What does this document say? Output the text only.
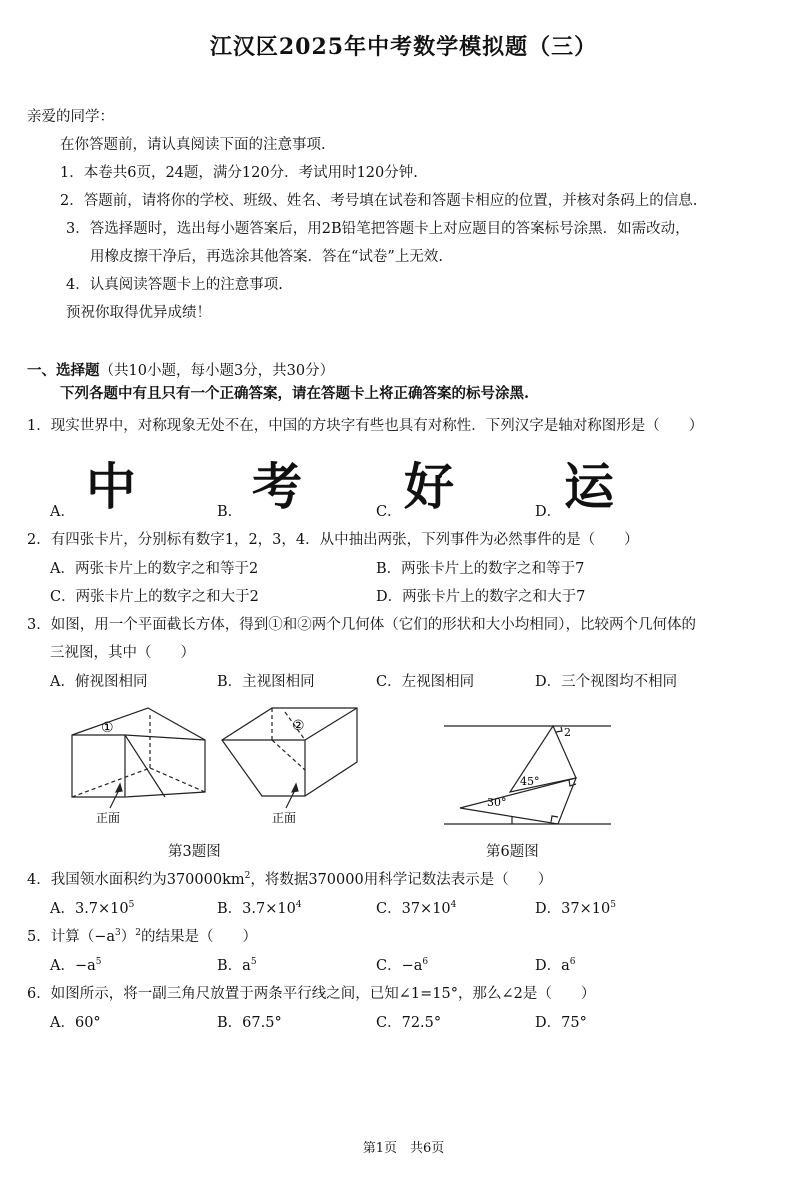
江汉区2025年中考数学模拟题（三）
亲爱的同学：
在你答题前，请认真阅读下面的注意事项.
1．本卷共6页，24题，满分120分．考试用时120分钟.
2．答题前，请将你的学校、班级、姓名、考号填在试卷和答题卡相应的位置，并核对条码上的信息.
3．答选择题时，选出每小题答案后，用2B铅笔把答题卡上对应题目的答案标号涂黑．如需改动，
用橡皮擦干净后，再选涂其他答案．答在“试卷”上无效.
4．认真阅读答题卡上的注意事项.
预祝你取得优异成绩！
一、选择题（共10小题，每小题3分，共30分）
下列各题中有且只有一个正确答案，请在答题卡上将正确答案的标号涂黑.
1．现实世界中，对称现象无处不在，中国的方块字有些也具有对称性．下列汉字是轴对称图形是（　　）
A． 中	B． 考	C． 好	D． 运
2．有四张卡片，分别标有数字1，2，3，4．从中抽出两张，下列事件为必然事件的是（　　）
A．两张卡片上的数字之和等于2	B．两张卡片上的数字之和等于7
C．两张卡片上的数字之和大于2	D．两张卡片上的数字之和大于7
3．如图，用一个平面截长方体，得到①和②两个几何体（它们的形状和大小均相同），比较两个几何体的
三视图，其中（　　）
A．俯视图相同	B．主视图相同	C．左视图相同	D．三个视图均不相同
①
正面
②
正面
2
45°
30°
第3题图	第6题图
4．我国领水面积约为$370000km^2$，将数据370000用科学记数法表示是（　　）
A．$3.7\times 10^5$	B．$3.7\times 10^4$	C．$37\times 10^4$	D．$37\times 10^5$
5．计算$(-a^3)^2$的结果是（　　）
A．$-a^5$	B．$a^5$	C．$-a^6$	D．$a^6$
6．如图所示，将一副三角尺放置于两条平行线之间，已知∠1=15°，那么∠2是（　　）
A．60°	B．67.5°	C．72.5°	D．75°
第1页　共6页
